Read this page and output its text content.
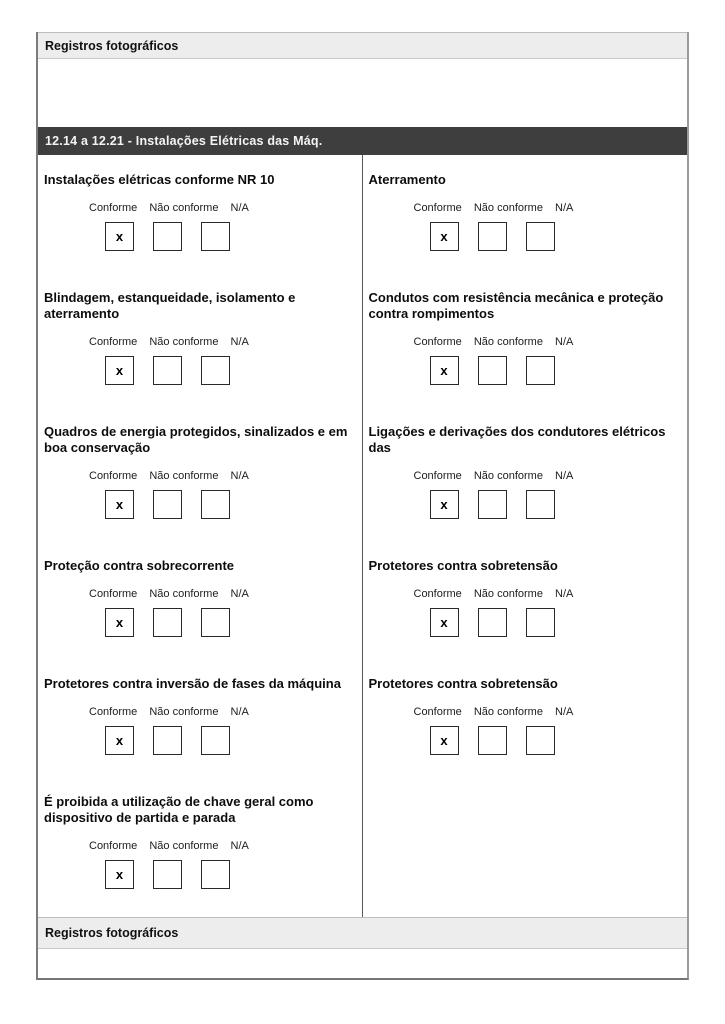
Registros fotográficos
12.14 a 12.21 - Instalações Elétricas das Máq.
Instalações elétricas conforme NR 10
Conforme Não conforme N/A
x
Aterramento
Conforme Não conforme N/A
x
Blindagem, estanqueidade, isolamento e aterramento
Conforme Não conforme N/A
x
Condutos com resistência mecânica e proteção contra rompimentos
Conforme Não conforme N/A
x
Quadros de energia protegidos, sinalizados e em boa conservação
Conforme Não conforme N/A
x
Ligações e derivações dos condutores elétricos das
Conforme Não conforme N/A
x
Proteção contra sobrecorrente
Conforme Não conforme N/A
x
Protetores contra sobretensão
Conforme Não conforme N/A
x
Protetores contra inversão de fases da máquina
Conforme Não conforme N/A
x
Protetores contra sobretensão
Conforme Não conforme N/A
x
É proibida a utilização de chave geral como dispositivo de partida e parada
Conforme Não conforme N/A
x
Registros fotográficos
